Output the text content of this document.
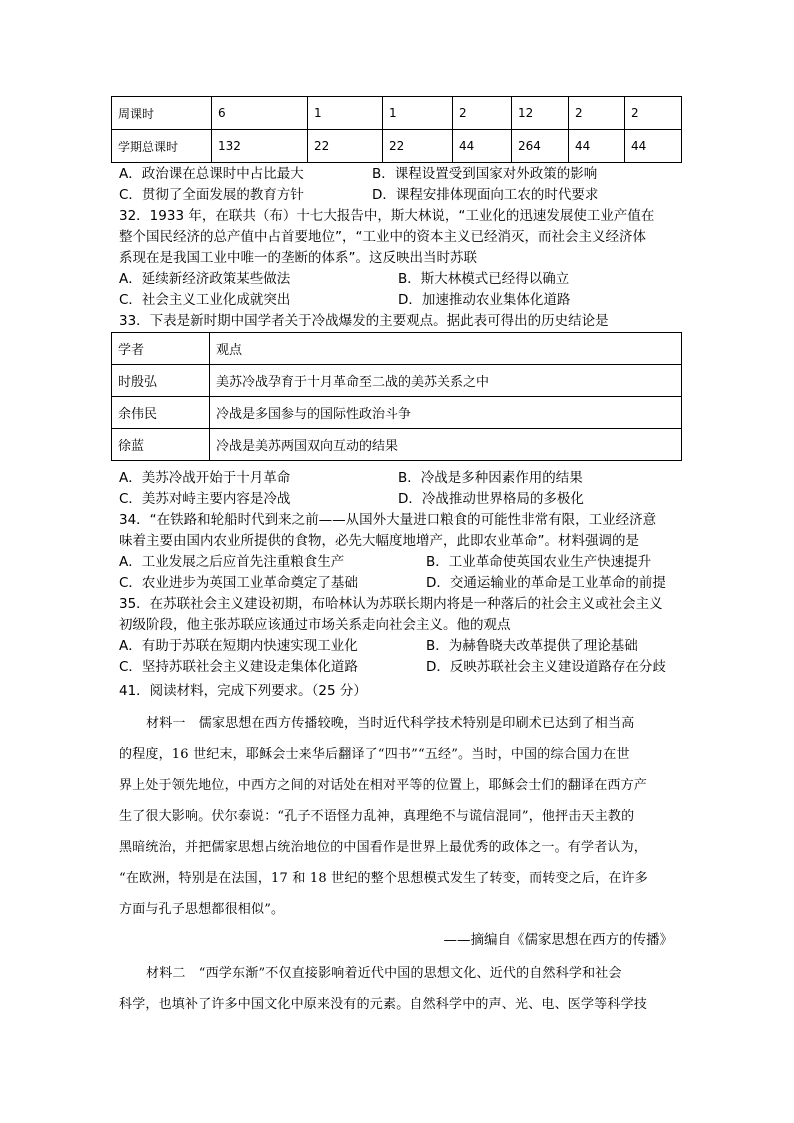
周课时	6	1	1	2	12	2	2
学期总课时	132	22	22	44	264	44	44
A．政治课在总课时中占比最大	B．课程设置受到国家对外政策的影响
C．贯彻了全面发展的教育方针	D．课程安排体现面向工农的时代要求
32．1933 年，在联共（布）十七大报告中，斯大林说，“工业化的迅速发展使工业产值在
整个国民经济的总产值中占首要地位”，“工业中的资本主义已经消灭，而社会主义经济体
系现在是我国工业中唯一的垄断的体系”。这反映出当时苏联
A．延续新经济政策某些做法	B．斯大林模式已经得以确立
C．社会主义工业化成就突出	D．加速推动农业集体化道路
33．下表是新时期中国学者关于冷战爆发的主要观点。据此表可得出的历史结论是
学者	观点
时殷弘	美苏冷战孕育于十月革命至二战的美苏关系之中
余伟民	冷战是多国参与的国际性政治斗争
徐蓝	冷战是美苏两国双向互动的结果
A．美苏冷战开始于十月革命	B．冷战是多种因素作用的结果
C．美苏对峙主要内容是冷战	D．冷战推动世界格局的多极化
34．“在铁路和轮船时代到来之前——从国外大量进口粮食的可能性非常有限，工业经济意
味着主要由国内农业所提供的食物，必先大幅度地增产，此即农业革命”。材料强调的是
A．工业发展之后应首先注重粮食生产	B．工业革命使英国农业生产快速提升
C．农业进步为英国工业革命奠定了基础	D．交通运输业的革命是工业革命的前提
35．在苏联社会主义建设初期，布哈林认为苏联长期内将是一种落后的社会主义或社会主义
初级阶段，他主张苏联应该通过市场关系走向社会主义。他的观点
A．有助于苏联在短期内快速实现工业化	B．为赫鲁晓夫改革提供了理论基础
C．坚持苏联社会主义建设走集体化道路	D．反映苏联社会主义建设道路存在分歧
41．阅读材料，完成下列要求。（25 分）
材料一　儒家思想在西方传播较晚，当时近代科学技术特别是印刷术已达到了相当高
的程度，16 世纪末，耶稣会士来华后翻译了“四书”“五经”。当时，中国的综合国力在世
界上处于领先地位，中西方之间的对话处在相对平等的位置上，耶稣会士们的翻译在西方产
生了很大影响。伏尔泰说：“孔子不语怪力乱神，真理绝不与谎信混同”，他抨击天主教的
黑暗统治，并把儒家思想占统治地位的中国看作是世界上最优秀的政体之一。有学者认为，
“在欧洲，特别是在法国，17 和 18 世纪的整个思想模式发生了转变，而转变之后，在许多
方面与孔子思想都很相似”。
——摘编自《儒家思想在西方的传播》
材料二　“西学东渐”不仅直接影响着近代中国的思想文化、近代的自然科学和社会
科学，也填补了许多中国文化中原来没有的元素。自然科学中的声、光、电、医学等科学技
